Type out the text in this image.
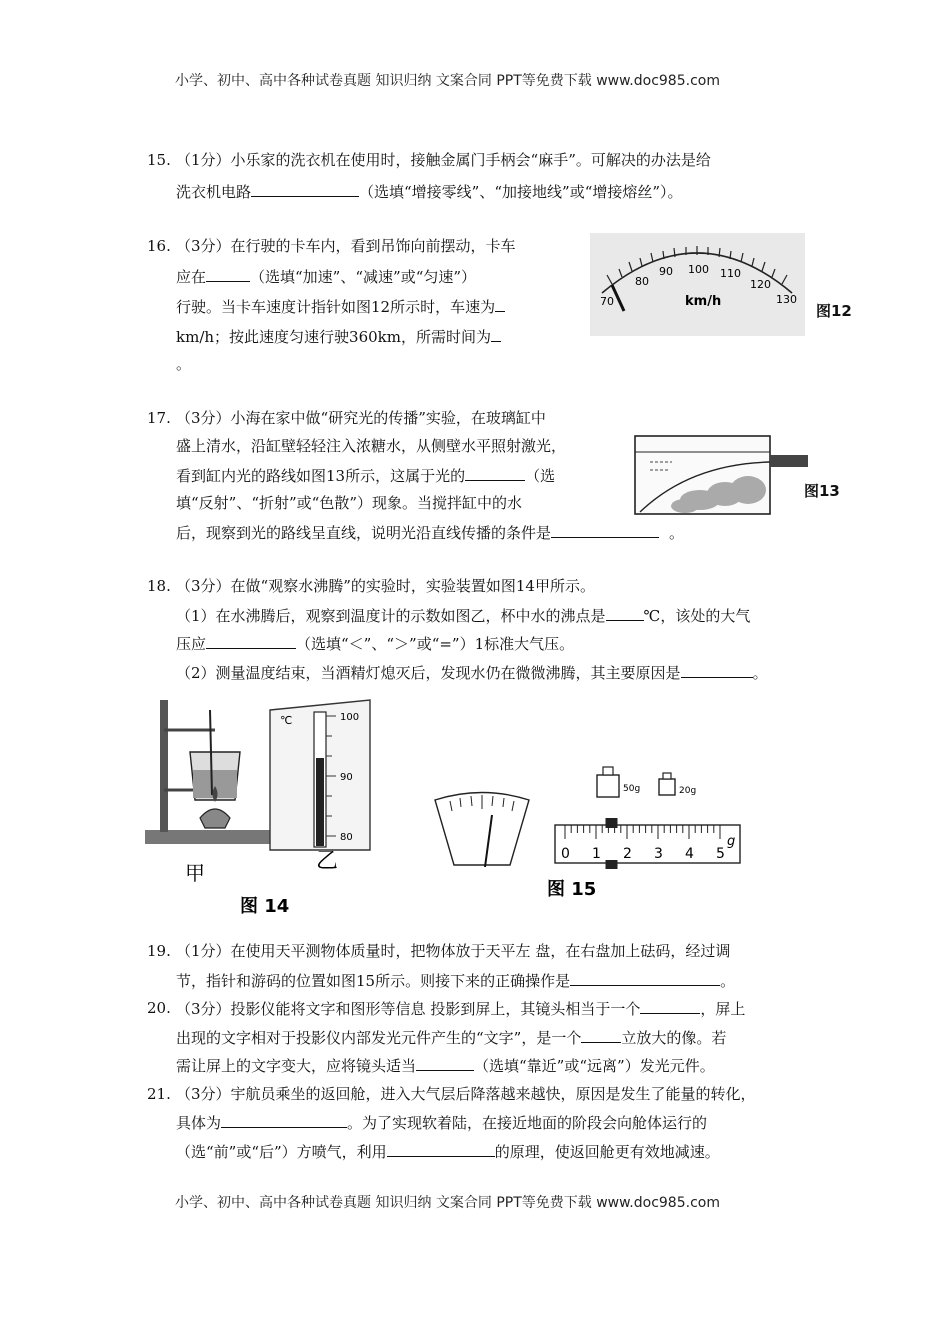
小学、初中、高中各种试卷真题 知识归纳 文案合同 PPT等免费下载 www.doc985.com
15. （1分）小乐家的洗衣机在使用时，接触金属门手柄会“麻手”。可解决的办法是给
洗衣机电路	（选填“增接零线”、“加接地线”或“增接熔丝”）。
16. （3分）在行驶的卡车内，看到吊饰向前摆动，卡车
应在	（选填“加速”、“减速”或“匀速”）
行驶。当卡车速度计指针如图12所示时，车速为
km/h；按此速度匀速行驶360km，所需时间为
。
70
80
90 100 110
120
130
km/h
图12
17. （3分）小海在家中做“研究光的传播”实验，在玻璃缸中
盛上清水，沿缸壁轻轻注入浓糖水，从侧壁水平照射激光，
看到缸内光的路线如图13所示，这属于光的	（选
填“反射”、“折射”或“色散”）现象。当搅拌缸中的水
后，现察到光的路线呈直线，说明光沿直线传播的条件是	。
图13
18. （3分）在做“观察水沸腾”的实验时，实验装置如图14甲所示。
（1）在水沸腾后，观察到温度计的示数如图乙，杯中水的沸点是	℃，该处的大气
压应	（选填“＜”、“＞”或“=”）1标准大气压。
（2）测量温度结束，当酒精灯熄灭后，发现水仍在微微沸腾，其主要原因是	。
甲
℃	100
90
80
乙
图 14
50g	20g
0 1 2 3 4 5
g
图 15
19. （1分）在使用天平测物体质量时，把物体放于天平左 盘，在右盘加上砝码，经过调
节，指针和游码的位置如图15所示。则接下来的正确操作是	。
20. （3分）投影仪能将文字和图形等信息 投影到屏上，其镜头相当于一个	，屏上
出现的文字相对于投影仪内部发光元件产生的“文字”，是一个	立放大的像。若
需让屏上的文字变大，应将镜头适当	（选填“靠近”或“远离”）发光元件。
21. （3分）宇航员乘坐的返回舱，进入大气层后降落越来越快，原因是发生了能量的转化，
具体为	。为了实现软着陆，在接近地面的阶段会向舱体运行的
（选“前”或“后”）方喷气，利用	的原理，使返回舱更有效地减速。
小学、初中、高中各种试卷真题 知识归纳 文案合同 PPT等免费下载 www.doc985.com
